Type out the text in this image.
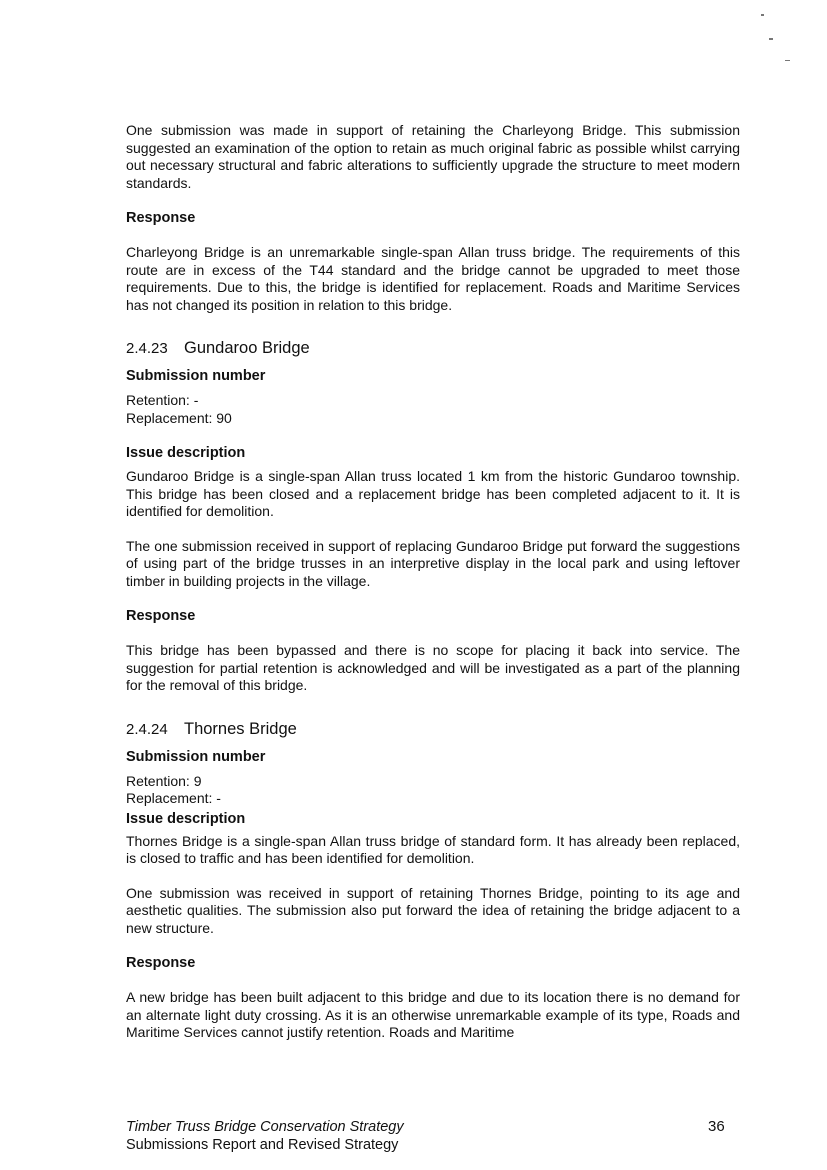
One submission was made in support of retaining the Charleyong Bridge. This submission suggested an examination of the option to retain as much original fabric as possible whilst carrying out necessary structural and fabric alterations to sufficiently upgrade the structure to meet modern standards.

Response

Charleyong Bridge is an unremarkable single-span Allan truss bridge. The requirements of this route are in excess of the T44 standard and the bridge cannot be upgraded to meet those requirements. Due to this, the bridge is identified for replacement. Roads and Maritime Services has not changed its position in relation to this bridge.

2.4.23 Gundaroo Bridge

Submission number

Retention: -

Replacement: 90

Issue description

Gundaroo Bridge is a single-span Allan truss located 1 km from the historic Gundaroo township. This bridge has been closed and a replacement bridge has been completed adjacent to it. It is identified for demolition.

The one submission received in support of replacing Gundaroo Bridge put forward the suggestions of using part of the bridge trusses in an interpretive display in the local park and using leftover timber in building projects in the village.

Response

This bridge has been bypassed and there is no scope for placing it back into service. The suggestion for partial retention is acknowledged and will be investigated as a part of the planning for the removal of this bridge.

2.4.24 Thornes Bridge

Submission number

Retention: 9

Replacement: -

Issue description

Thornes Bridge is a single-span Allan truss bridge of standard form. It has already been replaced, is closed to traffic and has been identified for demolition.

One submission was received in support of retaining Thornes Bridge, pointing to its age and aesthetic qualities. The submission also put forward the idea of retaining the bridge adjacent to a new structure.

Response

A new bridge has been built adjacent to this bridge and due to its location there is no demand for an alternate light duty crossing. As it is an otherwise unremarkable example of its type, Roads and Maritime Services cannot justify retention. Roads and Maritime

Timber Truss Bridge Conservation Strategy
Submissions Report and Revised Strategy
36
